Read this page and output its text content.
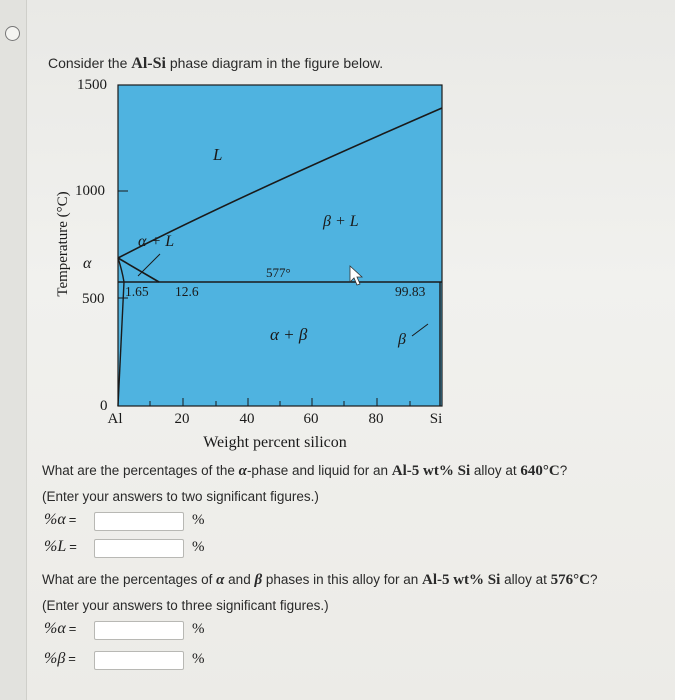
Consider the Al-Si phase diagram in the figure below.
1500
1000
500
0
Temperature (°C)
Al	20	40	60	80	Si
Weight percent silicon
L
β + L
α + L
α
α + β	β
577°
1.65 12.6	99.83
What are the percentages of the α-phase and liquid for an Al-5 wt% Si alloy at 640°C?
(Enter your answers to two significant figures.)
%α =	%
%L =	%
What are the percentages of α and β phases in this alloy for an Al-5 wt% Si alloy at 576°C?
(Enter your answers to three significant figures.)
%α =	%
%β =	%
